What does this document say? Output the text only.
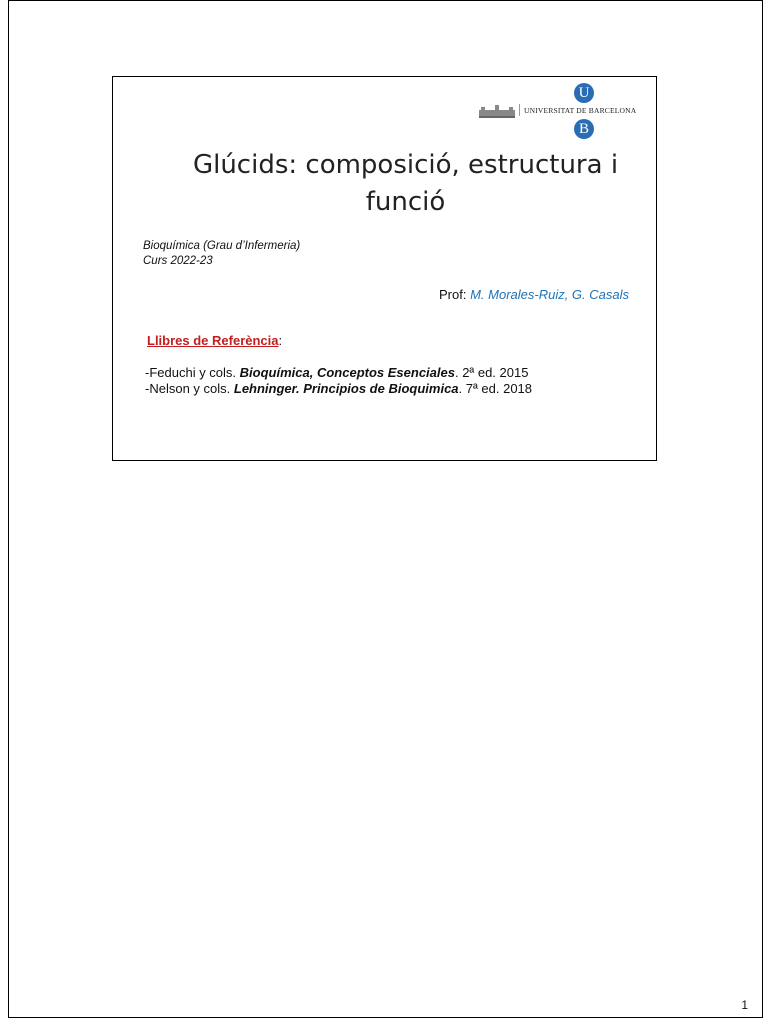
UNIVERSITAT DE BARCELONA
U
B
Glúcids: composició, estructura i funció
Bioquímica (Grau d’Infermeria)
Curs 2022-23
Prof: M. Morales-Ruiz, G. Casals
Llibres de Referència:
-Feduchi y cols. Bioquímica, Conceptos Esenciales. 2ª ed. 2015
-Nelson y cols. Lehninger. Principios de Bioquimica. 7ª ed. 2018
1
